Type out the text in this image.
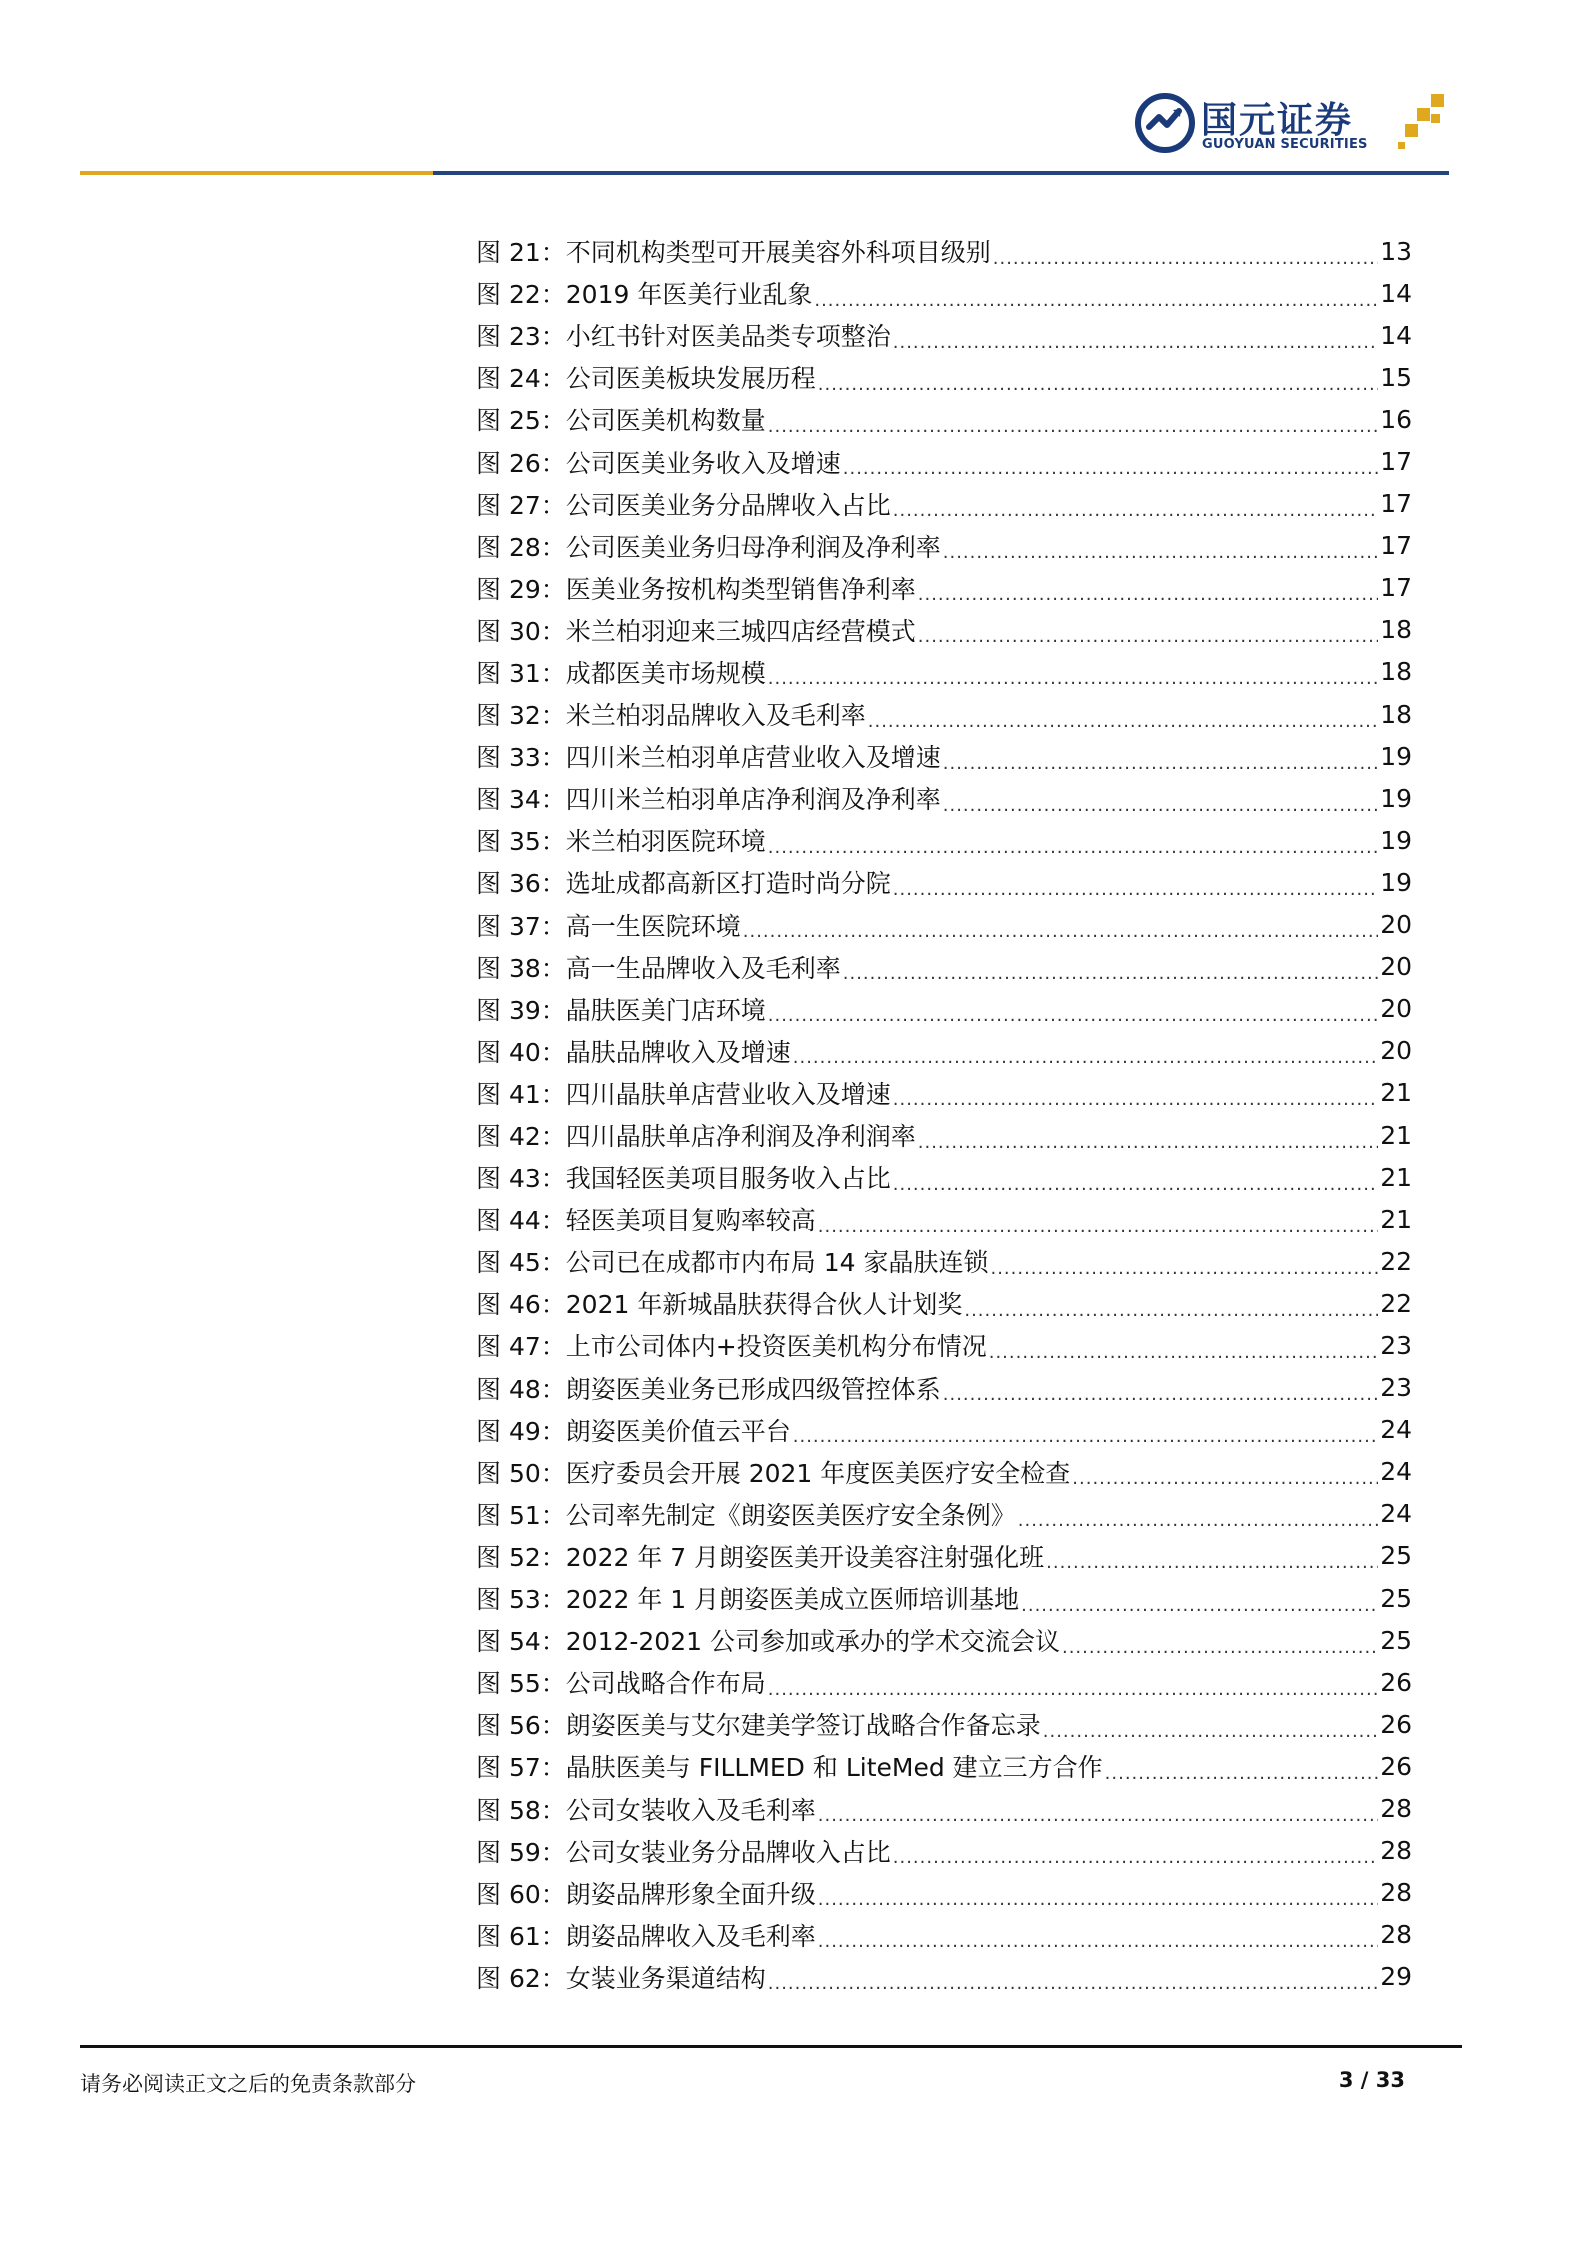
国元证券
GUOYUAN SECURITIES
图 21：不同机构类型可开展美容外科项目级别 .....	13
图 22：2019 年医美行业乱象 .....	14
图 23：小红书针对医美品类专项整治 .....	14
图 24：公司医美板块发展历程 .....	15
图 25：公司医美机构数量 .....	16
图 26：公司医美业务收入及增速 .....	17
图 27：公司医美业务分品牌收入占比 .....	17
图 28：公司医美业务归母净利润及净利率 .....	17
图 29：医美业务按机构类型销售净利率 .....	17
图 30：米兰柏羽迎来三城四店经营模式 .....	18
图 31：成都医美市场规模 .....	18
图 32：米兰柏羽品牌收入及毛利率 .....	18
图 33：四川米兰柏羽单店营业收入及增速 .....	19
图 34：四川米兰柏羽单店净利润及净利率 .....	19
图 35：米兰柏羽医院环境 .....	19
图 36：选址成都高新区打造时尚分院 .....	19
图 37：高一生医院环境 .....	20
图 38：高一生品牌收入及毛利率 .....	20
图 39：晶肤医美门店环境 .....	20
图 40：晶肤品牌收入及增速 .....	20
图 41：四川晶肤单店营业收入及增速 .....	21
图 42：四川晶肤单店净利润及净利润率 .....	21
图 43：我国轻医美项目服务收入占比 .....	21
图 44：轻医美项目复购率较高 .....	21
图 45：公司已在成都市内布局 14 家晶肤连锁 .....	22
图 46：2021 年新城晶肤获得合伙人计划奖 .....	22
图 47：上市公司体内+投资医美机构分布情况 .....	23
图 48：朗姿医美业务已形成四级管控体系 .....	23
图 49：朗姿医美价值云平台 .....	24
图 50：医疗委员会开展 2021 年度医美医疗安全检查 .....	24
图 51：公司率先制定《朗姿医美医疗安全条例》 .....	24
图 52：2022 年 7 月朗姿医美开设美容注射强化班 .....	25
图 53：2022 年 1 月朗姿医美成立医师培训基地 .....	25
图 54：2012-2021 公司参加或承办的学术交流会议 .....	25
图 55：公司战略合作布局 .....	26
图 56：朗姿医美与艾尔建美学签订战略合作备忘录 .....	26
图 57：晶肤医美与 FILLMED 和 LiteMed 建立三方合作 .....	26
图 58：公司女装收入及毛利率 .....	28
图 59：公司女装业务分品牌收入占比 .....	28
图 60：朗姿品牌形象全面升级 .....	28
图 61：朗姿品牌收入及毛利率 .....	28
图 62：女装业务渠道结构 .....	29
请务必阅读正文之后的免责条款部分	3 / 33
